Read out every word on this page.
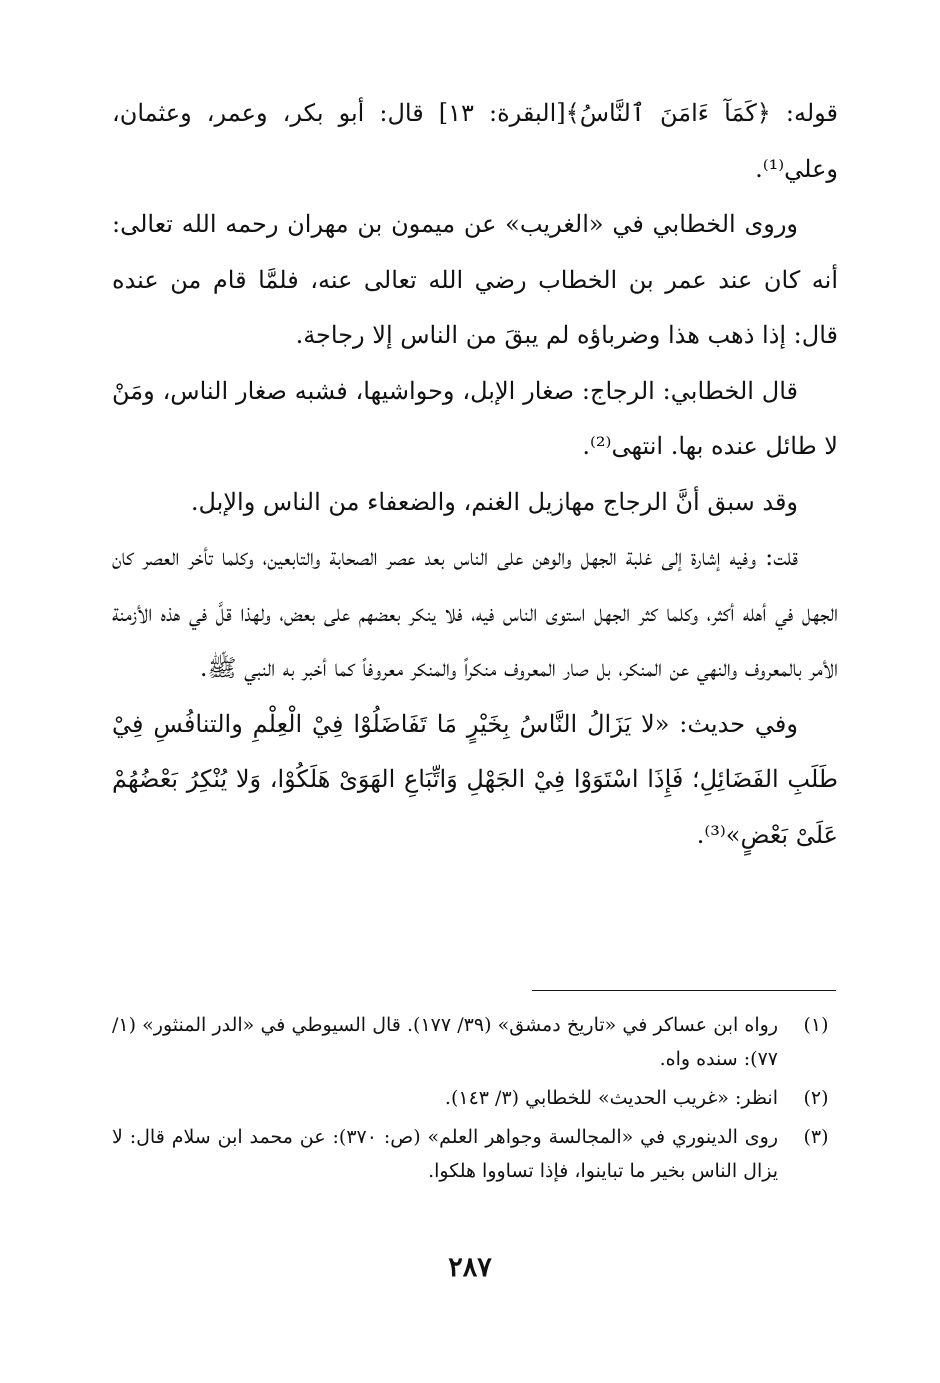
قوله: ﴿كَمَآ ءَامَنَ ٱلنَّاسُ﴾[البقرة: ١٣] قال: أبو بكر، وعمر، وعثمان، وعلي⁽¹⁾.

وروى الخطابي في «الغريب» عن ميمون بن مهران رحمه الله تعالى: أنه كان عند عمر بن الخطاب رضي الله تعالى عنه، فلمَّا قام من عنده قال: إذا ذهب هذا وضرباؤه لم يبقَ من الناس إلا رجاجة.

قال الخطابي: الرجاج: صغار الإبل، وحواشيها، فشبه صغار الناس، ومَنْ لا طائل عنده بها. انتهى⁽²⁾.

وقد سبق أنَّ الرجاج مهازيل الغنم، والضعفاء من الناس والإبل.

قلت: وفيه إشارة إلى غلبة الجهل والوهن على الناس بعد عصر الصحابة والتابعين، وكلما تأخر العصر كان الجهل في أهله أكثر، وكلما كثر الجهل استوى الناس فيه، فلا ينكر بعضهم على بعض، ولهذا قلَّ في هذه الأزمنة الأمر بالمعروف والنهي عن المنكر، بل صار المعروف منكراً والمنكر معروفاً كما أخبر به النبي ﷺ.

وفي حديث: «لا يَزَالُ النَّاسُ بِخَيْرٍ مَا تَفَاضَلُوْا فِيْ الْعِلْمِ والتنافُسِ فِيْ طَلَبِ الفَضَائِلِ؛ فَإِذَا اسْتَوَوْا فِيْ الجَهْلِ وَاتِّبَاعِ الهَوَىْ هَلَكُوْا، وَلا يُنْكِرُ بَعْضُهُمْ عَلَىْ بَعْضٍ»⁽³⁾.

(١)
رواه ابن عساكر في «تاريخ دمشق» (٣٩/ ١٧٧). قال السيوطي في «الدر المنثور» (١/ ٧٧): سنده واه.
(٢)
انظر: «غريب الحديث» للخطابي (٣/ ١٤٣).
(٣)
روى الدينوري في «المجالسة وجواهر العلم» (ص: ٣٧٠): عن محمد ابن سلام قال: لا يزال الناس بخير ما تباينوا، فإذا تساووا هلكوا.
٢٨٧
